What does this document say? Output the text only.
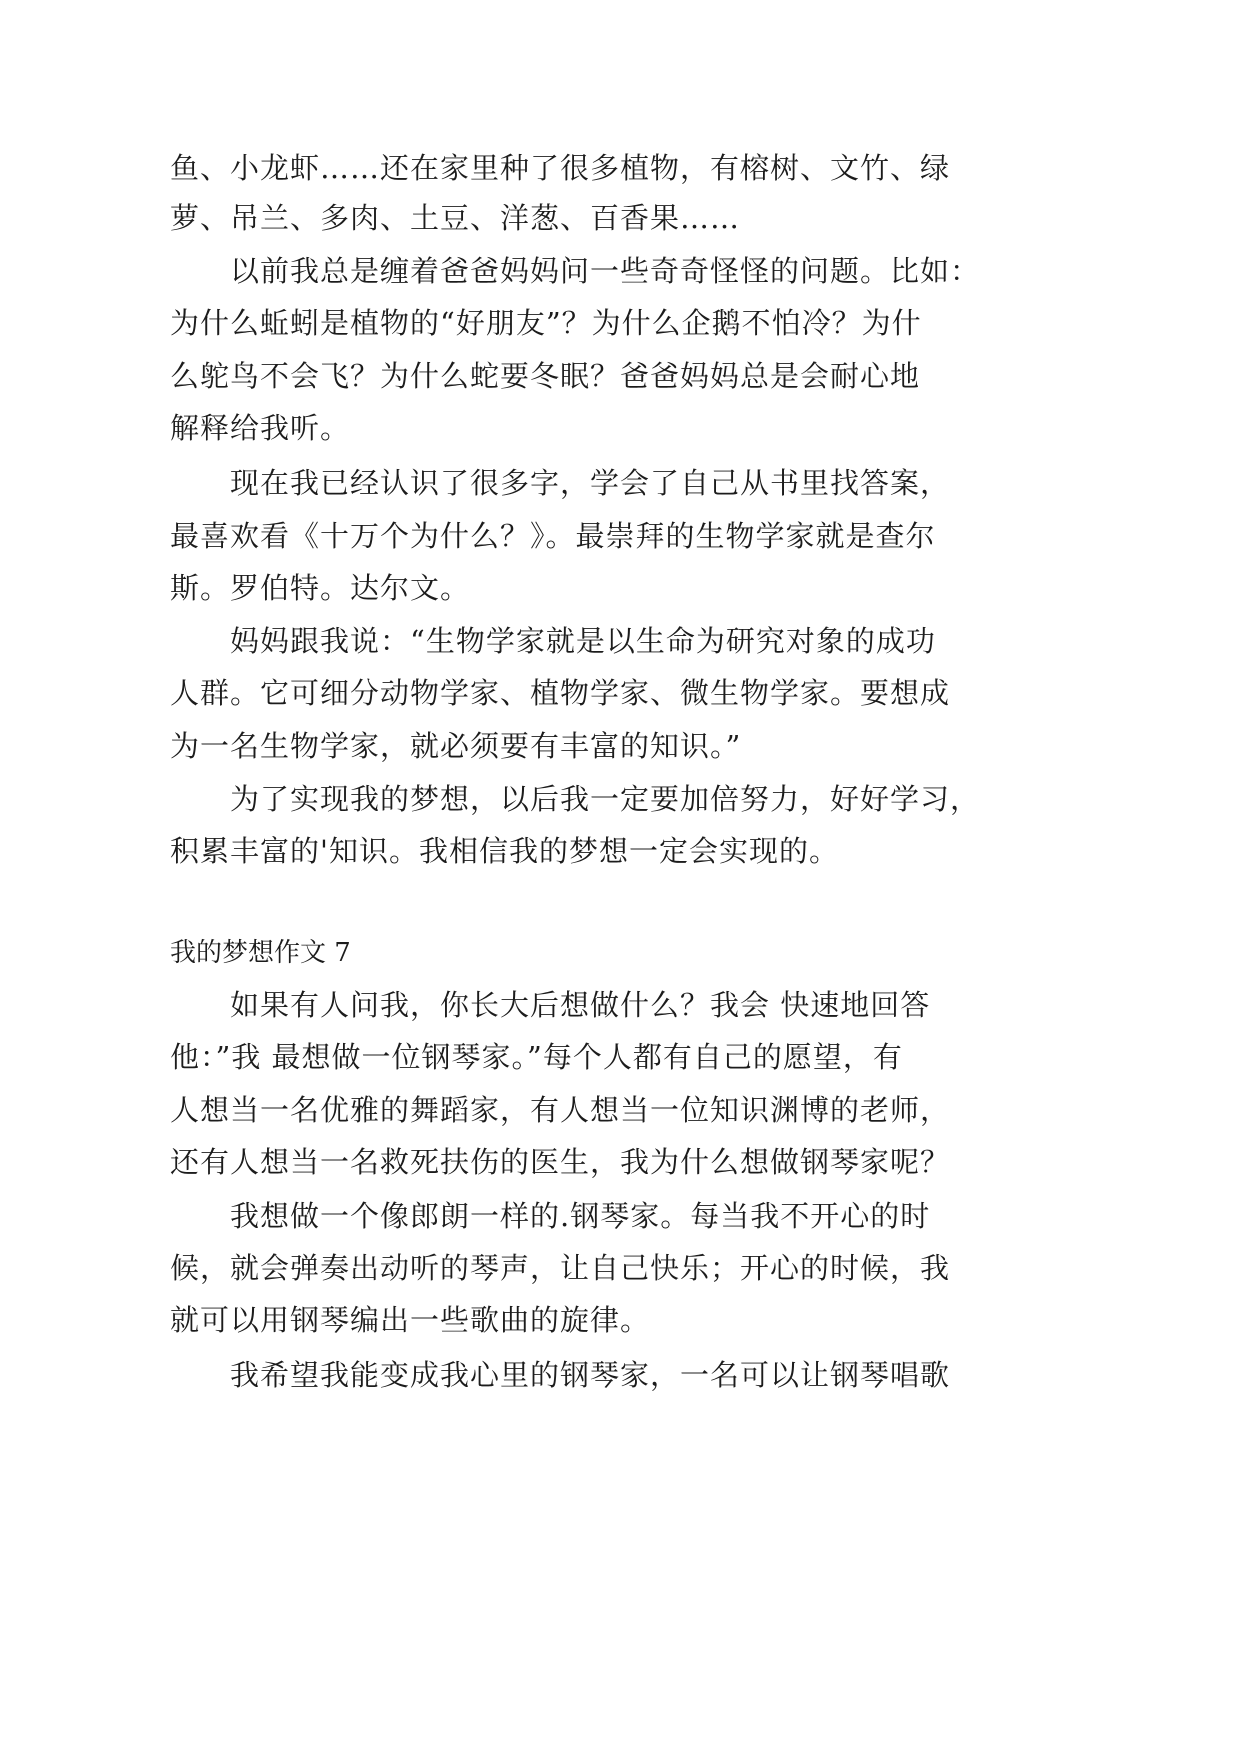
鱼、小龙虾……还在家里种了很多植物，有榕树、文竹、绿
萝、吊兰、多肉、土豆、洋葱、百香果……
以前我总是缠着爸爸妈妈问一些奇奇怪怪的问题。比如：
为什么蚯蚓是植物的“好朋友”？为什么企鹅不怕冷？为什
么鸵鸟不会飞？为什么蛇要冬眠？爸爸妈妈总是会耐心地
解释给我听。
现在我已经认识了很多字，学会了自己从书里找答案，
最喜欢看《十万个为什么？》。最崇拜的生物学家就是查尔
斯。罗伯特。达尔文。
妈妈跟我说：“生物学家就是以生命为研究对象的成功
人群。它可细分动物学家、植物学家、微生物学家。要想成
为一名生物学家，就必须要有丰富的知识。”
为了实现我的梦想，以后我一定要加倍努力，好好学习，
积累丰富的'知识。我相信我的梦想一定会实现的。
我的梦想作文 7
如果有人问我，你长大后想做什么？我会 快速地回答
他：”我 最想做一位钢琴家。”每个人都有自己的愿望，有
人想当一名优雅的舞蹈家，有人想当一位知识渊博的老师，
还有人想当一名救死扶伤的医生，我为什么想做钢琴家呢？
我想做一个像郎朗一样的.钢琴家。每当我不开心的时
候，就会弹奏出动听的琴声，让自己快乐；开心的时候，我
就可以用钢琴编出一些歌曲的旋律。
我希望我能变成我心里的钢琴家，一名可以让钢琴唱歌
